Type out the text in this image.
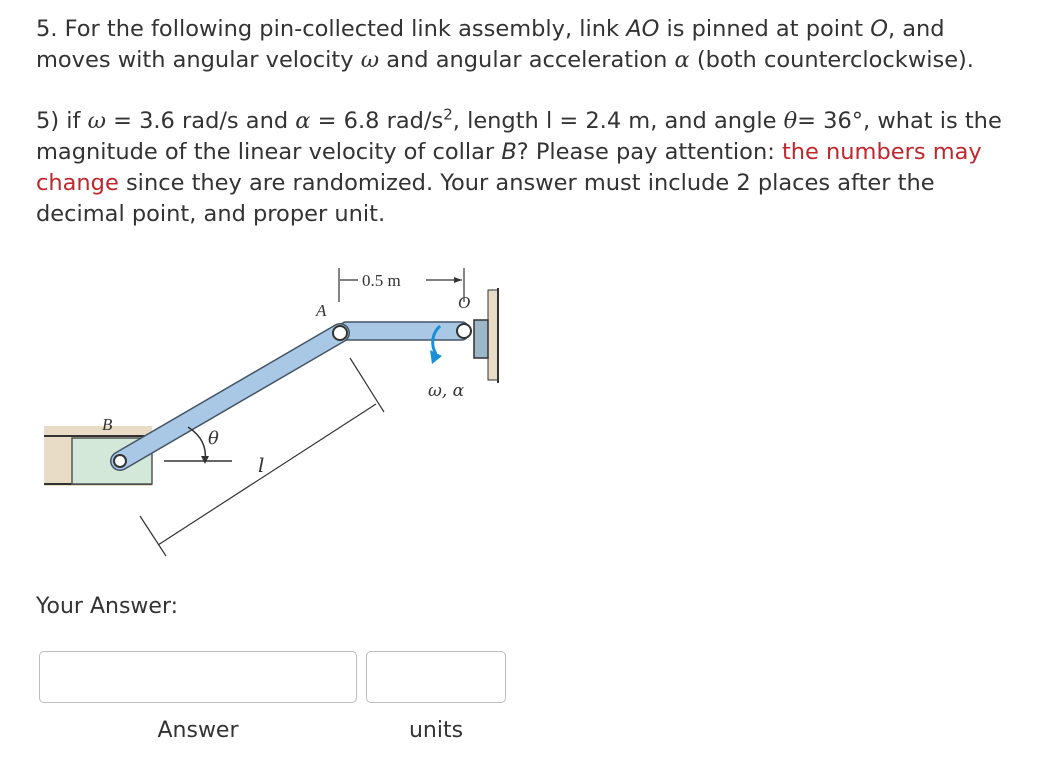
5. For the following pin-collected link assembly, link AO is pinned at point O, and moves with angular velocity ω and angular acceleration α (both counterclockwise).

5) if ω = 3.6 rad/s and α = 6.8 rad/$s^2$, length l = 2.4 m, and angle θ= 36°, what is the magnitude of the linear velocity of collar B? Please pay attention: the numbers may change since they are randomized. Your answer must include 2 places after the decimal point, and proper unit.

0.5 m
A	O
B
θ
l
ω, α
Your Answer:
Answer	units
